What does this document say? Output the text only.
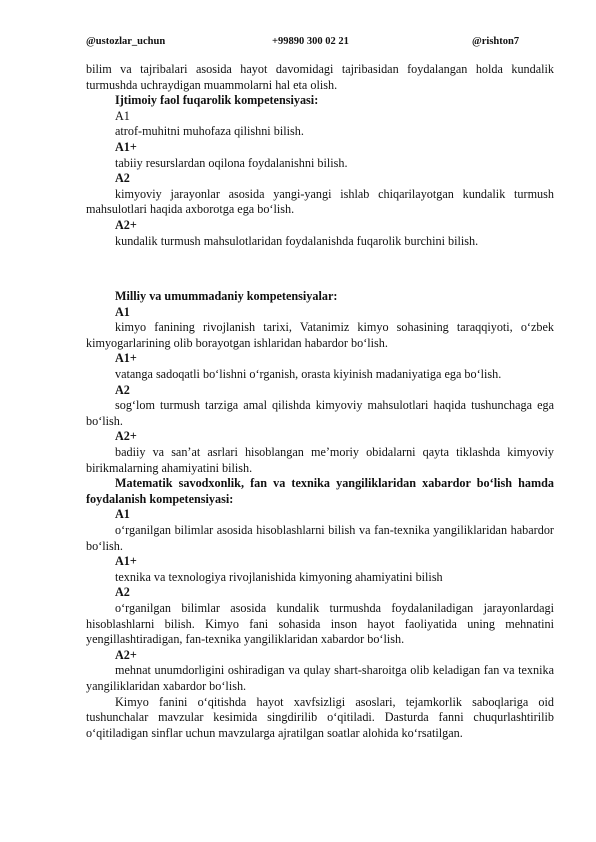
@ustozlar_uchun	+99890 300 02 21	@rishton7

bilim va tajribalari asosida hayot davomidagi tajribasidan foydalangan holda kundalik turmushda uchraydigan muammolarni hal eta olish.

Ijtimoiy faol fuqarolik kompetensiyasi:

A1

atrof-muhitni muhofaza qilishni bilish.

A1+

tabiiy resurslardan oqilona foydalanishni bilish.

A2

kimyoviy jarayonlar asosida yangi-yangi ishlab chiqarilayotgan kundalik turmush mahsulotlari haqida axborotga ega bo‘lish.

A2+

kundalik turmush mahsulotlaridan foydalanishda fuqarolik burchini bilish.

Milliy va umummadaniy kompetensiyalar:

A1

kimyo fanining rivojlanish tarixi, Vatanimiz kimyo sohasining taraqqiyoti, o‘zbek kimyogarlarining olib borayotgan ishlaridan habardor bo‘lish.

A1+

vatanga sadoqatli bo‘lishni o‘rganish, orasta kiyinish madaniyatiga ega bo‘lish.

A2

sog‘lom turmush tarziga amal qilishda kimyoviy mahsulotlari haqida tushunchaga ega bo‘lish.

A2+

badiiy va san’at asrlari hisoblangan me’moriy obidalarni qayta tiklashda kimyoviy birikmalarning ahamiyatini bilish.

Matematik savodxonlik, fan va texnika yangiliklaridan xabardor bo‘lish hamda foydalanish kompetensiyasi:

A1

o‘rganilgan bilimlar asosida hisoblashlarni bilish va fan-texnika yangiliklaridan habardor bo‘lish.

A1+

texnika va texnologiya rivojlanishida kimyoning ahamiyatini bilish

A2

o‘rganilgan bilimlar asosida kundalik turmushda foydalaniladigan jarayonlardagi hisoblashlarni bilish. Kimyo fani sohasida inson hayot faoliyatida uning mehnatini yengillashtiradigan, fan-texnika yangiliklaridan xabardor bo‘lish.

A2+

mehnat unumdorligini oshiradigan va qulay shart-sharoitga olib keladigan fan va texnika yangiliklaridan xabardor bo‘lish.

Kimyo fanini o‘qitishda hayot xavfsizligi asoslari, tejamkorlik saboqlariga oid tushunchalar mavzular kesimida singdirilib o‘qitiladi. Dasturda fanni chuqurlashtirilib o‘qitiladigan sinflar uchun mavzularga ajratilgan soatlar alohida ko‘rsatilgan.
